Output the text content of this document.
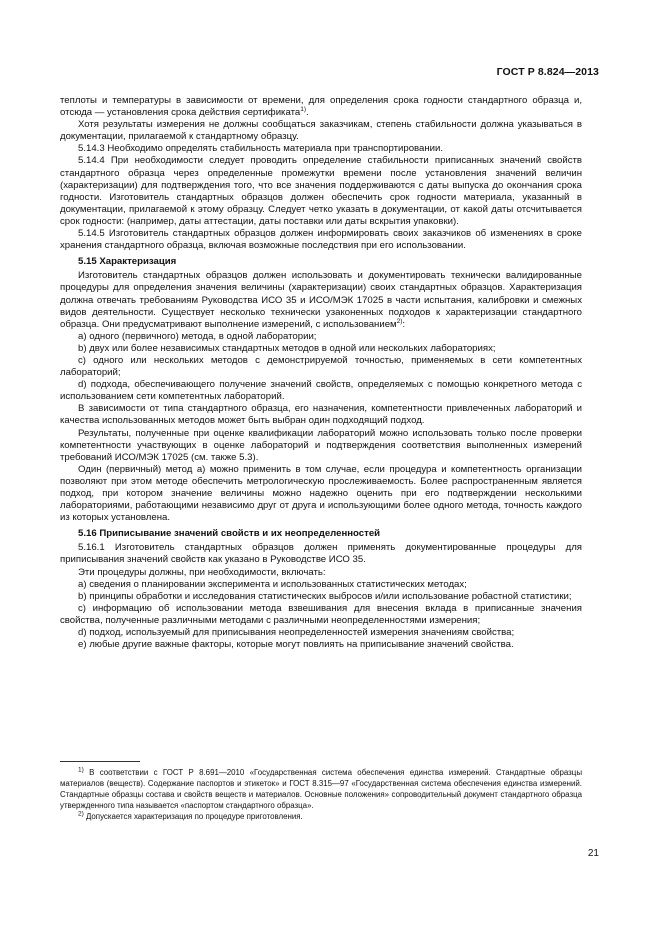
ГОСТ Р 8.824—2013

теплоты и температуры в зависимости от времени, для определения срока годности стандартного образца и, отсюда — установления срока действия сертификата$^{1)}$.

Хотя результаты измерения не должны сообщаться заказчикам, степень стабильности должна указываться в документации, прилагаемой к стандартному образцу.

5.14.3 Необходимо определять стабильность материала при транспортировании.

5.14.4 При необходимости следует проводить определение стабильности приписанных значений свойств стандартного образца через определенные промежутки времени после установления значений величин (характеризации) для подтверждения того, что все значения поддерживаются с даты выпуска до окончания срока годности. Изготовитель стандартных образцов должен обеспечить срок годности материала, указанный в документации, прилагаемой к этому образцу. Следует четко указать в документации, от какой даты отсчитывается срок годности: (например, даты аттестации, даты поставки или даты вскрытия упаковки).

5.14.5 Изготовитель стандартных образцов должен информировать своих заказчиков об изменениях в сроке хранения стандартного образца, включая возможные последствия при его использовании.

5.15 Характеризация

Изготовитель стандартных образцов должен использовать и документировать технически валидированные процедуры для определения значения величины (характеризации) своих стандартных образцов. Характеризация должна отвечать требованиям Руководства ИСО 35 и ИСО/МЭК 17025 в части испытания, калибровки и смежных видов деятельности. Существует несколько технически узаконенных подходов к характеризации стандартного образца. Они предусматривают выполнение измерений, с использованием$^{2)}$:

a) одного (первичного) метода, в одной лаборатории;

b) двух или более независимых стандартных методов в одной или нескольких лабораториях;

c) одного или нескольких методов с демонстрируемой точностью, применяемых в сети компетентных лабораторий;

d) подхода, обеспечивающего получение значений свойств, определяемых с помощью конкретного метода с использованием сети компетентных лабораторий.

В зависимости от типа стандартного образца, его назначения, компетентности привлеченных лабораторий и качества использованных методов может быть выбран один подходящий подход.

Результаты, полученные при оценке квалификации лабораторий можно использовать только после проверки компетентности участвующих в оценке лабораторий и подтверждения соответствия выполненных измерений требований ИСО/МЭК 17025 (см. также 5.3).

Один (первичный) метод а) можно применить в том случае, если процедура и компетентность организации позволяют при этом методе обеспечить метрологическую прослеживаемость. Более распространенным является подход, при котором значение величины можно надежно оценить при его подтверждении несколькими лабораториями, работающими независимо друг от друга и использующими более одного метода, точность каждого из которых установлена.

5.16 Приписывание значений свойств и их неопределенностей

5.16.1 Изготовитель стандартных образцов должен применять документированные процедуры для приписывания значений свойств как указано в Руководстве ИСО 35.

Эти процедуры должны, при необходимости, включать:

a) сведения о планировании эксперимента и использованных статистических методах;

b) принципы обработки и исследования статистических выбросов и/или использование робастной статистики;

c) информацию об использовании метода взвешивания для внесения вклада в приписанные значения свойства, полученные различными методами с различными неопределенностями измерения;

d) подход, используемый для приписывания неопределенностей измерения значениям свойства;

e) любые другие важные факторы, которые могут повлиять на приписывание значений свойства.

$^{1)}$ В соответствии с ГОСТ Р 8.691—2010 «Государственная система обеспечения единства измерений. Стандартные образцы материалов (веществ). Содержание паспортов и этикеток» и ГОСТ 8.315—97 «Государственная система обеспечения единства измерений. Стандартные образцы состава и свойств веществ и материалов. Основные положения» сопроводительный документ стандартного образца утвержденного типа называется «паспортом стандартного образца».

$^{2)}$ Допускается характеризация по процедуре приготовления.

21
